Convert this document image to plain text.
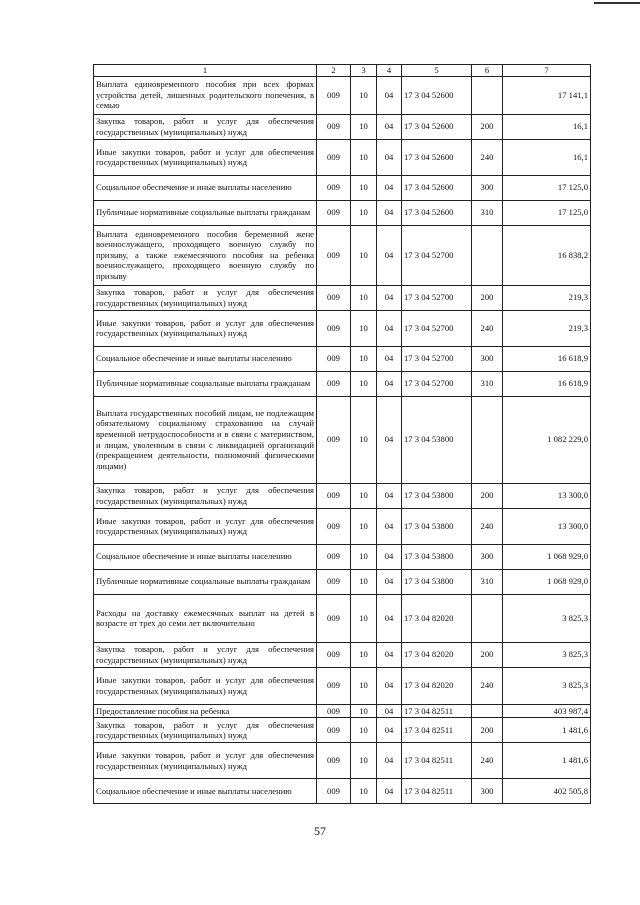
1	2	3	4	5	6	7
Выплата единовременного пособия при всех формах устройства детей, лишенных родительского попечения, в семью	009	10	04	17 3 04 52600		17 141,1
Закупка товаров, работ и услуг для обеспечения государственных (муниципальных) нужд	009	10	04	17 3 04 52600	200	16,1
Иные закупки товаров, работ и услуг для обеспечения государственных (муниципальных) нужд	009	10	04	17 3 04 52600	240	16,1
Социальное обеспечение и иные выплаты населению	009	10	04	17 3 04 52600	300	17 125,0
Публичные нормативные социальные выплаты гражданам	009	10	04	17 3 04 52600	310	17 125,0
Выплата единовременного пособия беременной жене военнослужащего, проходящего военную службу по призыву, а также ежемесячного пособия на ребенка военнослужащего, проходящего военную службу по призыву	009	10	04	17 3 04 52700		16 838,2
Закупка товаров, работ и услуг для обеспечения государственных (муниципальных) нужд	009	10	04	17 3 04 52700	200	219,3
Иные закупки товаров, работ и услуг для обеспечения государственных (муниципальных) нужд	009	10	04	17 3 04 52700	240	219,3
Социальное обеспечение и иные выплаты населению	009	10	04	17 3 04 52700	300	16 618,9
Публичные нормативные социальные выплаты гражданам	009	10	04	17 3 04 52700	310	16 618,9
Выплата государственных пособий лицам, не подлежащим обязательному социальному страхованию на случай временной нетрудоспособности и в связи с материнством, и лицам, уволенным в связи с ликвидацией организаций (прекращением деятельности, полномочий физическими лицами)	009	10	04	17 3 04 53800		1 082 229,0
Закупка товаров, работ и услуг для обеспечения государственных (муниципальных) нужд	009	10	04	17 3 04 53800	200	13 300,0
Иные закупки товаров, работ и услуг для обеспечения государственных (муниципальных) нужд	009	10	04	17 3 04 53800	240	13 300,0
Социальное обеспечение и иные выплаты населению	009	10	04	17 3 04 53800	300	1 068 929,0
Публичные нормативные социальные выплаты гражданам	009	10	04	17 3 04 53800	310	1 068 929,0
Расходы на доставку ежемесячных выплат на детей в возрасте от трех до семи лет включительно	009	10	04	17 3 04 82020		3 825,3
Закупка товаров, работ и услуг для обеспечения государственных (муниципальных) нужд	009	10	04	17 3 04 82020	200	3 825,3
Иные закупки товаров, работ и услуг для обеспечения государственных (муниципальных) нужд	009	10	04	17 3 04 82020	240	3 825,3
Предоставление пособия на ребенка	009	10	04	17 3 04 82511		403 987,4
Закупка товаров, работ и услуг для обеспечения государственных (муниципальных) нужд	009	10	04	17 3 04 82511	200	1 481,6
Иные закупки товаров, работ и услуг для обеспечения государственных (муниципальных) нужд	009	10	04	17 3 04 82511	240	1 481,6
Социальное обеспечение и иные выплаты населению	009	10	04	17 3 04 82511	300	402 505,8
57
